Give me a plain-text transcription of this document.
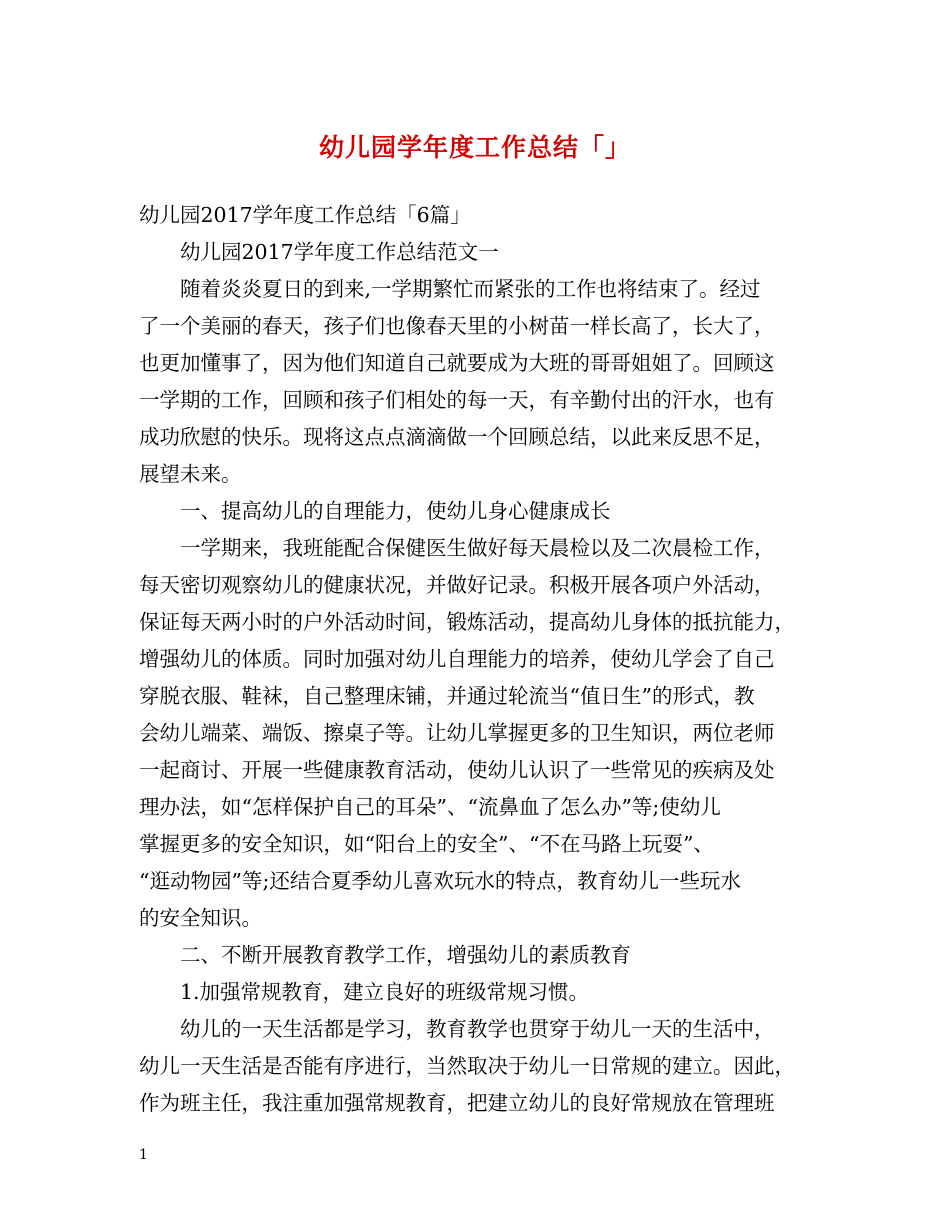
幼儿园学年度工作总结「」
幼儿园2017学年度工作总结「6篇」
幼儿园2017学年度工作总结范文一
随着炎炎夏日的到来,一学期繁忙而紧张的工作也将结束了。经过
了一个美丽的春天，孩子们也像春天里的小树苗一样长高了，长大了，
也更加懂事了，因为他们知道自己就要成为大班的哥哥姐姐了。回顾这
一学期的工作，回顾和孩子们相处的每一天，有辛勤付出的汗水，也有
成功欣慰的快乐。现将这点点滴滴做一个回顾总结，以此来反思不足，
展望未来。
一、提高幼儿的自理能力，使幼儿身心健康成长
一学期来，我班能配合保健医生做好每天晨检以及二次晨检工作，
每天密切观察幼儿的健康状况，并做好记录。积极开展各项户外活动，
保证每天两小时的户外活动时间，锻炼活动，提高幼儿身体的抵抗能力，
增强幼儿的体质。同时加强对幼儿自理能力的培养，使幼儿学会了自己
穿脱衣服、鞋袜，自己整理床铺，并通过轮流当“值日生”的形式，教
会幼儿端菜、端饭、擦桌子等。让幼儿掌握更多的卫生知识，两位老师
一起商讨、开展一些健康教育活动，使幼儿认识了一些常见的疾病及处
理办法，如“怎样保护自己的耳朵”、“流鼻血了怎么办”等;使幼儿
掌握更多的安全知识，如“阳台上的安全”、“不在马路上玩耍”、
“逛动物园”等;还结合夏季幼儿喜欢玩水的特点，教育幼儿一些玩水
的安全知识。
二、不断开展教育教学工作，增强幼儿的素质教育
1.加强常规教育，建立良好的班级常规习惯。
幼儿的一天生活都是学习，教育教学也贯穿于幼儿一天的生活中，
幼儿一天生活是否能有序进行，当然取决于幼儿一日常规的建立。因此，
作为班主任，我注重加强常规教育，把建立幼儿的良好常规放在管理班
1
